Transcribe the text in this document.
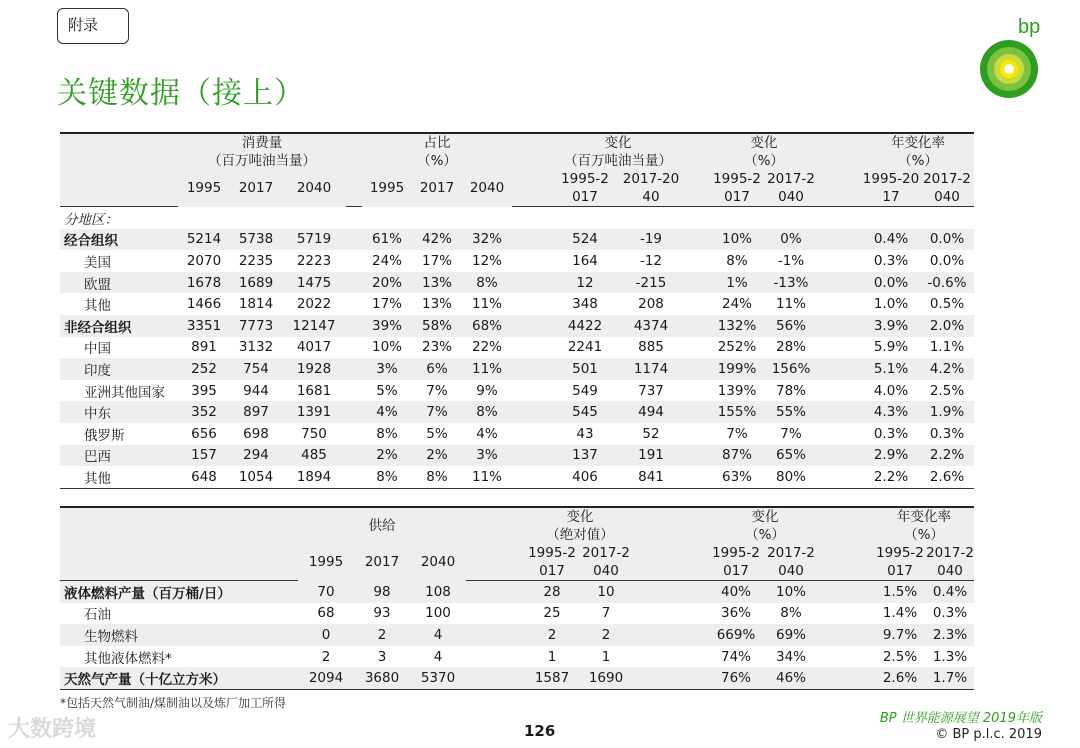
附录
关键数据（接上）
bp
	消费量				占比				变化			变化			年变化率	
	（百万吨油当量）				（%）				（百万吨油当量）			（%）			（%）	
	1995	2017	2040		1995	2017	2040		1995-2	2017-20		1995-2	2017-2		1995-20	2017-2
									017	40		017	040		17	040
分地区：																
经合组织	5214	5738	5719		61%	42%	32%		524	-19		10%	0%		0.4%	0.0%
美国	2070	2235	2223		24%	17%	12%		164	-12		8%	-1%		0.3%	0.0%
欧盟	1678	1689	1475		20%	13%	8%		12	-215		1%	-13%		0.0%	-0.6%
其他	1466	1814	2022		17%	13%	11%		348	208		24%	11%		1.0%	0.5%
非经合组织	3351	7773	12147		39%	58%	68%		4422	4374		132%	56%		3.9%	2.0%
中国	891	3132	4017		10%	23%	22%		2241	885		252%	28%		5.9%	1.1%
印度	252	754	1928		3%	6%	11%		501	1174		199%	156%		5.1%	4.2%
亚洲其他国家	395	944	1681		5%	7%	9%		549	737		139%	78%		4.0%	2.5%
中东	352	897	1391		4%	7%	8%		545	494		155%	55%		4.3%	1.9%
俄罗斯	656	698	750		8%	5%	4%		43	52		7%	7%		0.3%	0.3%
巴西	157	294	485		2%	2%	3%		137	191		87%	65%		2.9%	2.2%
其他	648	1054	1894		8%	8%	11%		406	841		63%	80%		2.2%	2.6%
	供给				变化			变化			年变化率	
					（绝对值）			（%）			（%）	
	1995	2017	2040		1995-2	2017-2		1995-2	2017-2		1995-2	2017-2
					017	040		017	040		017	040
液体燃料产量（百万桶/日）	70	98	108		28	10		40%	10%		1.5%	0.4%
石油	68	93	100		25	7		36%	8%		1.4%	0.3%
生物燃料	0	2	4		2	2		669%	69%		9.7%	2.3%
其他液体燃料*	2	3	4		1	1		74%	34%		2.5%	1.3%
天然气产量（十亿立方米）	2094	3680	5370		1587	1690		76%	46%		2.6%	1.7%
*包括天然气制油/煤制油以及炼厂加工所得
大数跨境	126
BP 世界能源展望 2019年版
© BP p.l.c. 2019
